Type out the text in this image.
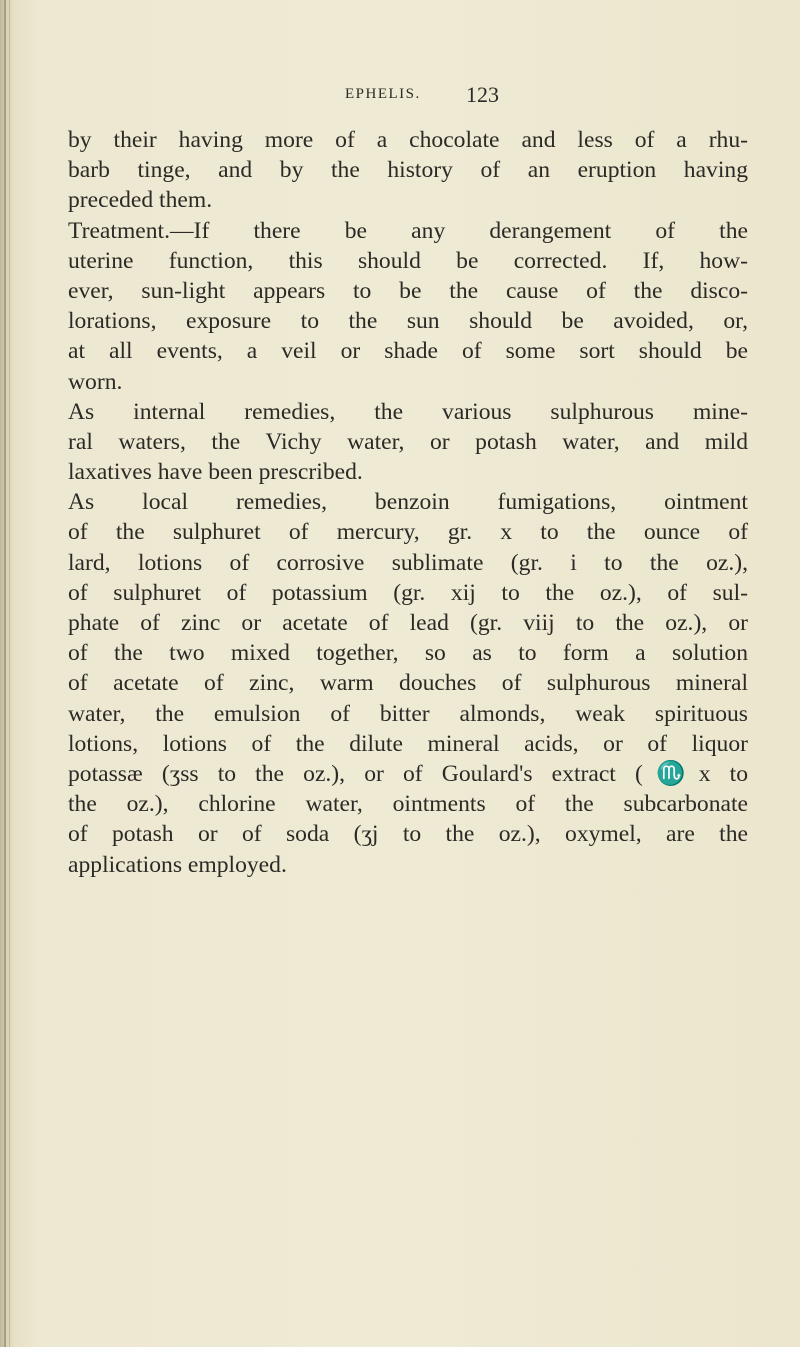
EPHELIS. 123
by their having more of a chocolate and less of a rhu-
barb tinge, and by the history of an eruption having
preceded them.
Treatment.—If there be any derangement of the
uterine function, this should be corrected. If, how-
ever, sun-light appears to be the cause of the disco-
lorations, exposure to the sun should be avoided, or,
at all events, a veil or shade of some sort should be
worn.
As internal remedies, the various sulphurous mine-
ral waters, the Vichy water, or potash water, and mild
laxatives have been prescribed.
As local remedies, benzoin fumigations, ointment
of the sulphuret of mercury, gr. x to the ounce of
lard, lotions of corrosive sublimate (gr. i to the oz.),
of sulphuret of potassium (gr. xij to the oz.), of sul-
phate of zinc or acetate of lead (gr. viij to the oz.), or
of the two mixed together, so as to form a solution
of acetate of zinc, warm douches of sulphurous mineral
water, the emulsion of bitter almonds, weak spirituous
lotions, lotions of the dilute mineral acids, or of liquor
potassæ (ʒss to the oz.), or of Goulard's extract (♏x to
the oz.), chlorine water, ointments of the subcarbonate
of potash or of soda (ʒj to the oz.), oxymel, are the
applications employed.
